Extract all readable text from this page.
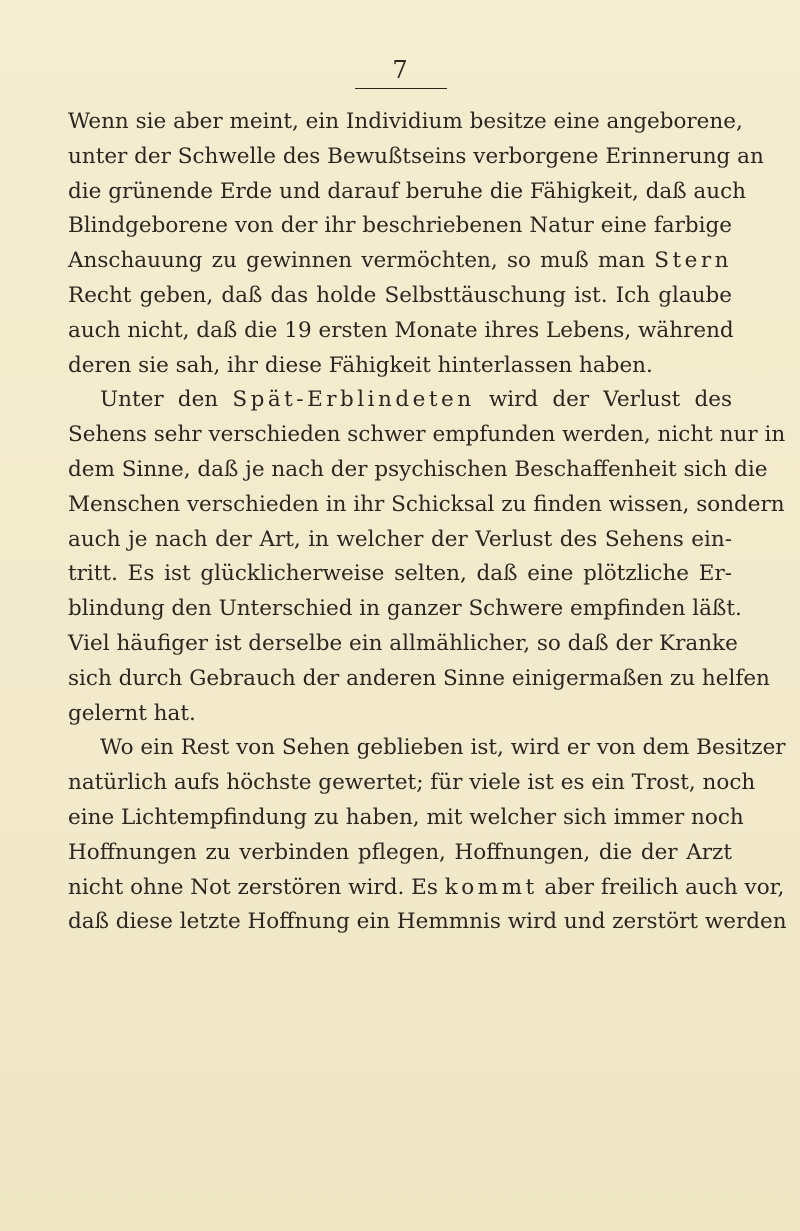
7
Wenn sie aber meint, ein Individium besitze eine angeborene,
unter der Schwelle des Bewußtseins verborgene Erinnerung an
die grünende Erde und darauf beruhe die Fähigkeit, daß auch
Blindgeborene von der ihr beschriebenen Natur eine farbige
Anschauung zu gewinnen vermöchten, so muß man Stern
Recht geben, daß das holde Selbsttäuschung ist. Ich glaube
auch nicht, daß die 19 ersten Monate ihres Lebens, während
deren sie sah, ihr diese Fähigkeit hinterlassen haben.
Unter den Spät-Erblindeten wird der Verlust des
Sehens sehr verschieden schwer empfunden werden, nicht nur in
dem Sinne, daß je nach der psychischen Beschaffenheit sich die
Menschen verschieden in ihr Schicksal zu finden wissen, sondern
auch je nach der Art, in welcher der Verlust des Sehens ein-
tritt. Es ist glücklicherweise selten, daß eine plötzliche Er-
blindung den Unterschied in ganzer Schwere empfinden läßt.
Viel häufiger ist derselbe ein allmählicher, so daß der Kranke
sich durch Gebrauch der anderen Sinne einigermaßen zu helfen
gelernt hat.
Wo ein Rest von Sehen geblieben ist, wird er von dem Besitzer
natürlich aufs höchste gewertet; für viele ist es ein Trost, noch
eine Lichtempfindung zu haben, mit welcher sich immer noch
Hoffnungen zu verbinden pflegen, Hoffnungen, die der Arzt
nicht ohne Not zerstören wird. Es kommt aber freilich auch vor,
daß diese letzte Hoffnung ein Hemmnis wird und zerstört werden
